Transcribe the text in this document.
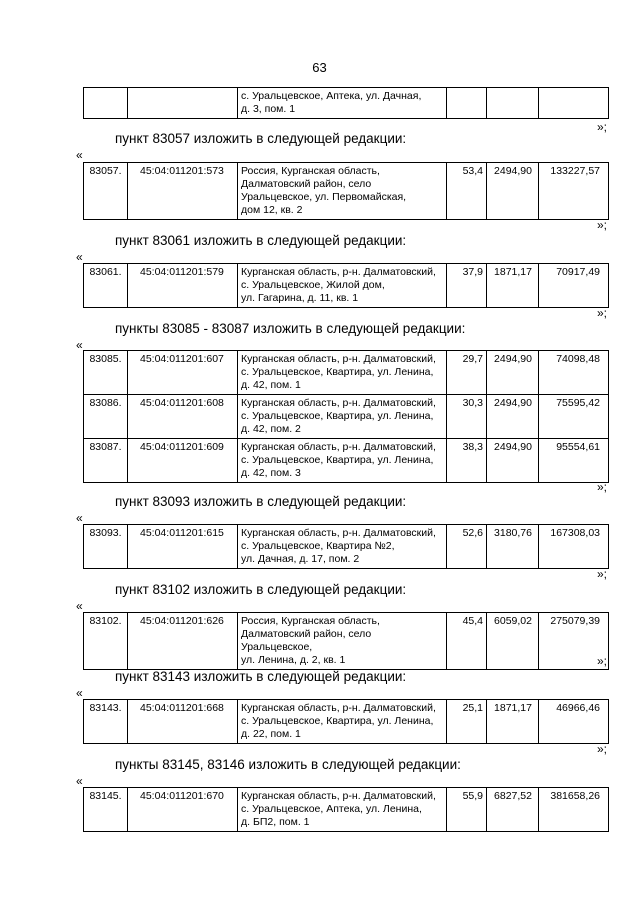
63
		с. Уральцевское, Аптека, ул. Дачная,
д. 3, пом. 1			
»;
пункт 83057 изложить в следующей редакции:
«
83057.	45:04:011201:573	Россия, Курганская область,
Далматовский район, село
Уральцевское, ул. Первомайская,
дом 12, кв. 2	53,4	2494,90	133227,57
»;
пункт 83061 изложить в следующей редакции:
«
83061.	45:04:011201:579	Курганская область, р-н. Далматовский,
с. Уральцевское, Жилой дом,
ул. Гагарина, д. 11, кв. 1	37,9	1871,17	70917,49
»;
пункты 83085 - 83087 изложить в следующей редакции:
«
83085.	45:04:011201:607	Курганская область, р-н. Далматовский,
с. Уральцевское, Квартира, ул. Ленина,
д. 42, пом. 1	29,7	2494,90	74098,48
83086.	45:04:011201:608	Курганская область, р-н. Далматовский,
с. Уральцевское, Квартира, ул. Ленина,
д. 42, пом. 2	30,3	2494,90	75595,42
83087.	45:04:011201:609	Курганская область, р-н. Далматовский,
с. Уральцевское, Квартира, ул. Ленина,
д. 42, пом. 3	38,3	2494,90	95554,61
»;
пункт 83093 изложить в следующей редакции:
«
83093.	45:04:011201:615	Курганская область, р-н. Далматовский,
с. Уральцевское, Квартира №2,
ул. Дачная, д. 17, пом. 2	52,6	3180,76	167308,03
»;
пункт 83102 изложить в следующей редакции:
«
83102.	45:04:011201:626	Россия, Курганская область,
Далматовский район, село Уральцевское,
ул. Ленина, д. 2, кв. 1	45,4	6059,02	275079,39
»;
пункт 83143 изложить в следующей редакции:
«
83143.	45:04:011201:668	Курганская область, р-н. Далматовский,
с. Уральцевское, Квартира, ул. Ленина,
д. 22, пом. 1	25,1	1871,17	46966,46
»;
пункты 83145, 83146 изложить в следующей редакции:
«
83145.	45:04:011201:670	Курганская область, р-н. Далматовский,
с. Уральцевское, Аптека, ул. Ленина,
д. БП2, пом. 1	55,9	6827,52	381658,26
